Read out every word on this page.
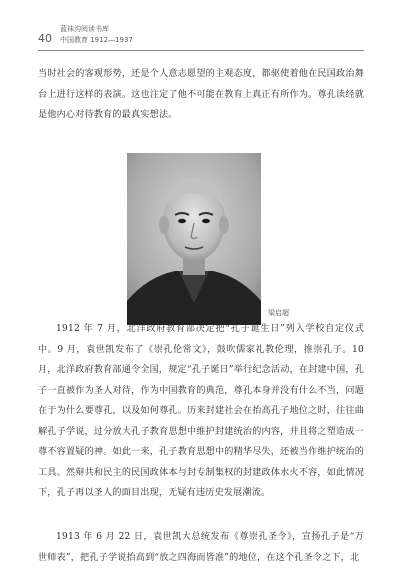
40
蓝袜沟阅读书库
中国教育 1912—1937

当时社会的客观形势，还是个人意志愿望的主观态度，都驱使着他在民国政治舞台上进行这样的表演。这也注定了他不可能在教育上真正有所作为。尊孔读经就是他内心对待教育的最真实想法。

梁启超

1912 年 7 月，北洋政府教育部决定把“孔子诞生日”列入学校自定仪式中。9 月，袁世凯发布了《崇孔伦常文》，鼓吹儒家礼教伦理，推崇孔子。10 月，北洋政府教育部通令全国，规定“孔子诞日”举行纪念活动，在封建中国，孔子一直被作为圣人对待，作为中国教育的典范，尊孔本身并没有什么不当，问题在于为什么要尊孔，以及如何尊孔。历来封建社会在抬高孔子地位之时，往往曲解孔子学说，过分放大孔子教育思想中维护封建统治的内容，并且将之塑造成一尊不容置疑的神。如此一来，孔子教育思想中的精华尽失，还被当作维护统治的工具。然辩共和民主的民国政体本与封专制集权的封建政体水火不容，如此情况下，孔子再以圣人的面目出现，无疑有违历史发展潮流。

1913 年 6 月 22 日，袁世凯大总统发布《尊崇孔圣令》，宣扬孔子是“万世师表”，把孔子学说抬高到“放之四海而皆准”的地位，在这个孔圣令之下，北
